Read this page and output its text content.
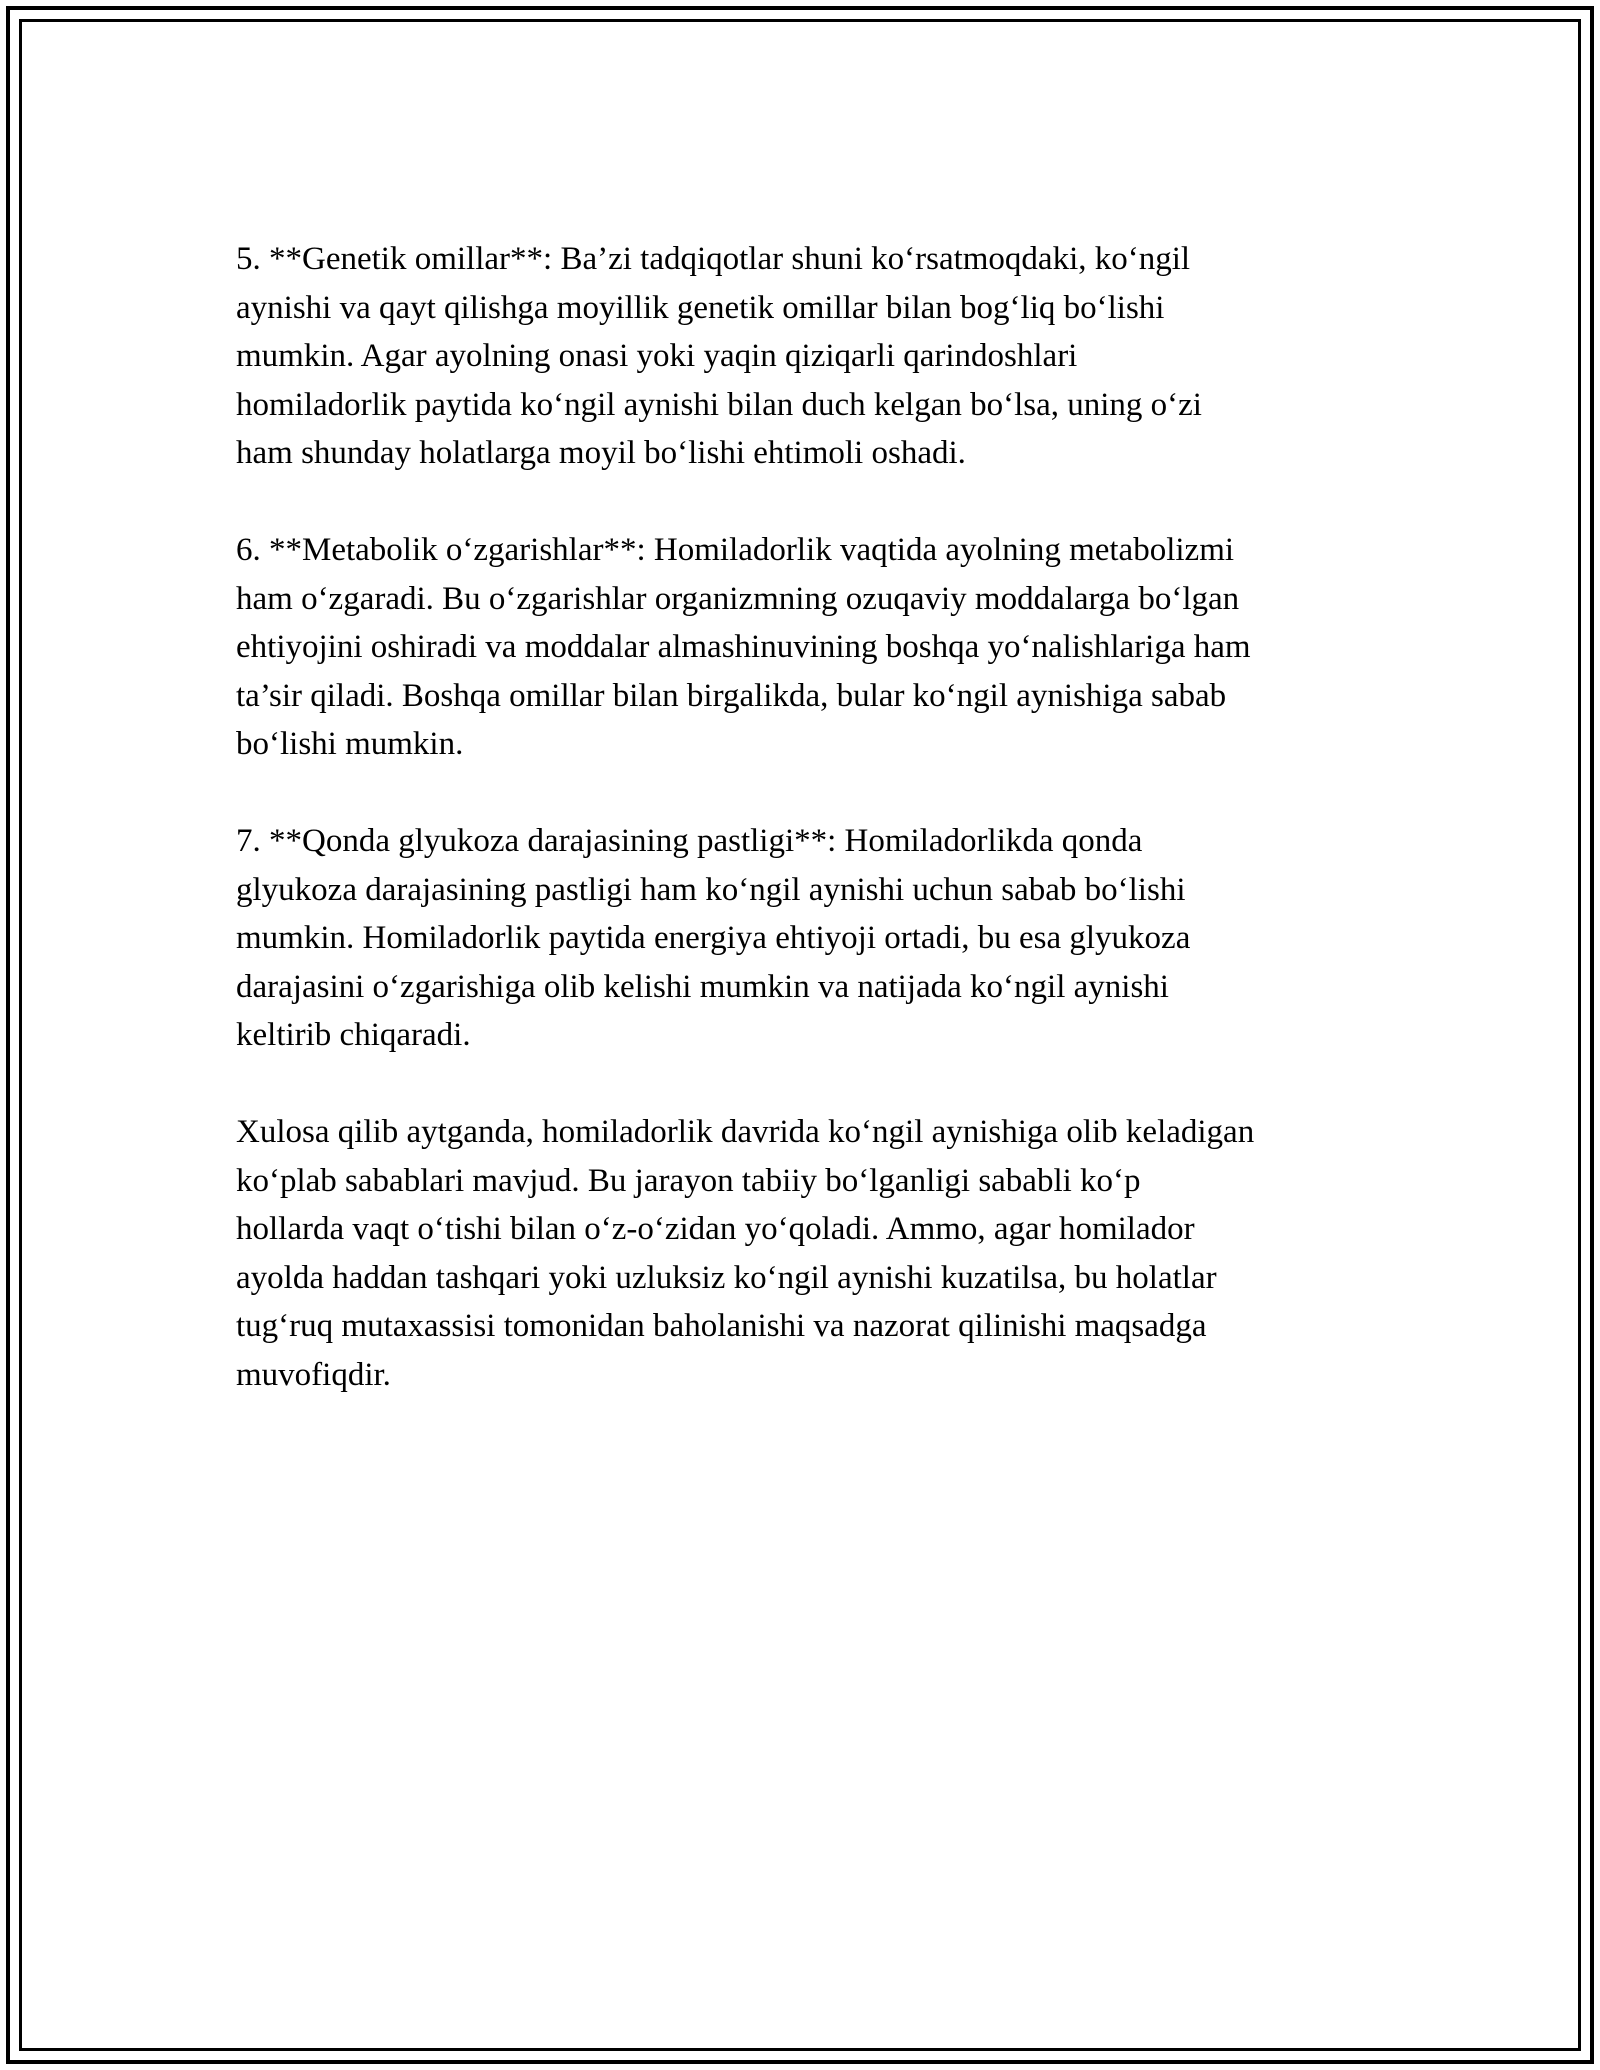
5. **Genetik omillar**: Ba’zi tadqiqotlar shuni ko‘rsatmoqdaki, ko‘ngil
aynishi va qayt qilishga moyillik genetik omillar bilan bog‘liq bo‘lishi
mumkin. Agar ayolning onasi yoki yaqin qiziqarli qarindoshlari
homiladorlik paytida ko‘ngil aynishi bilan duch kelgan bo‘lsa, uning o‘zi
ham shunday holatlarga moyil bo‘lishi ehtimoli oshadi.

6. **Metabolik o‘zgarishlar**: Homiladorlik vaqtida ayolning metabolizmi
ham o‘zgaradi. Bu o‘zgarishlar organizmning ozuqaviy moddalarga bo‘lgan
ehtiyojini oshiradi va moddalar almashinuvining boshqa yo‘nalishlariga ham
ta’sir qiladi. Boshqa omillar bilan birgalikda, bular ko‘ngil aynishiga sabab
bo‘lishi mumkin.

7. **Qonda glyukoza darajasining pastligi**: Homiladorlikda qonda
glyukoza darajasining pastligi ham ko‘ngil aynishi uchun sabab bo‘lishi
mumkin. Homiladorlik paytida energiya ehtiyoji ortadi, bu esa glyukoza
darajasini o‘zgarishiga olib kelishi mumkin va natijada ko‘ngil aynishi
keltirib chiqaradi.

Xulosa qilib aytganda, homiladorlik davrida ko‘ngil aynishiga olib keladigan
ko‘plab sabablari mavjud. Bu jarayon tabiiy bo‘lganligi sababli ko‘p
hollarda vaqt o‘tishi bilan o‘z-o‘zidan yo‘qoladi. Ammo, agar homilador
ayolda haddan tashqari yoki uzluksiz ko‘ngil aynishi kuzatilsa, bu holatlar
tug‘ruq mutaxassisi tomonidan baholanishi va nazorat qilinishi maqsadga
muvofiqdir.
